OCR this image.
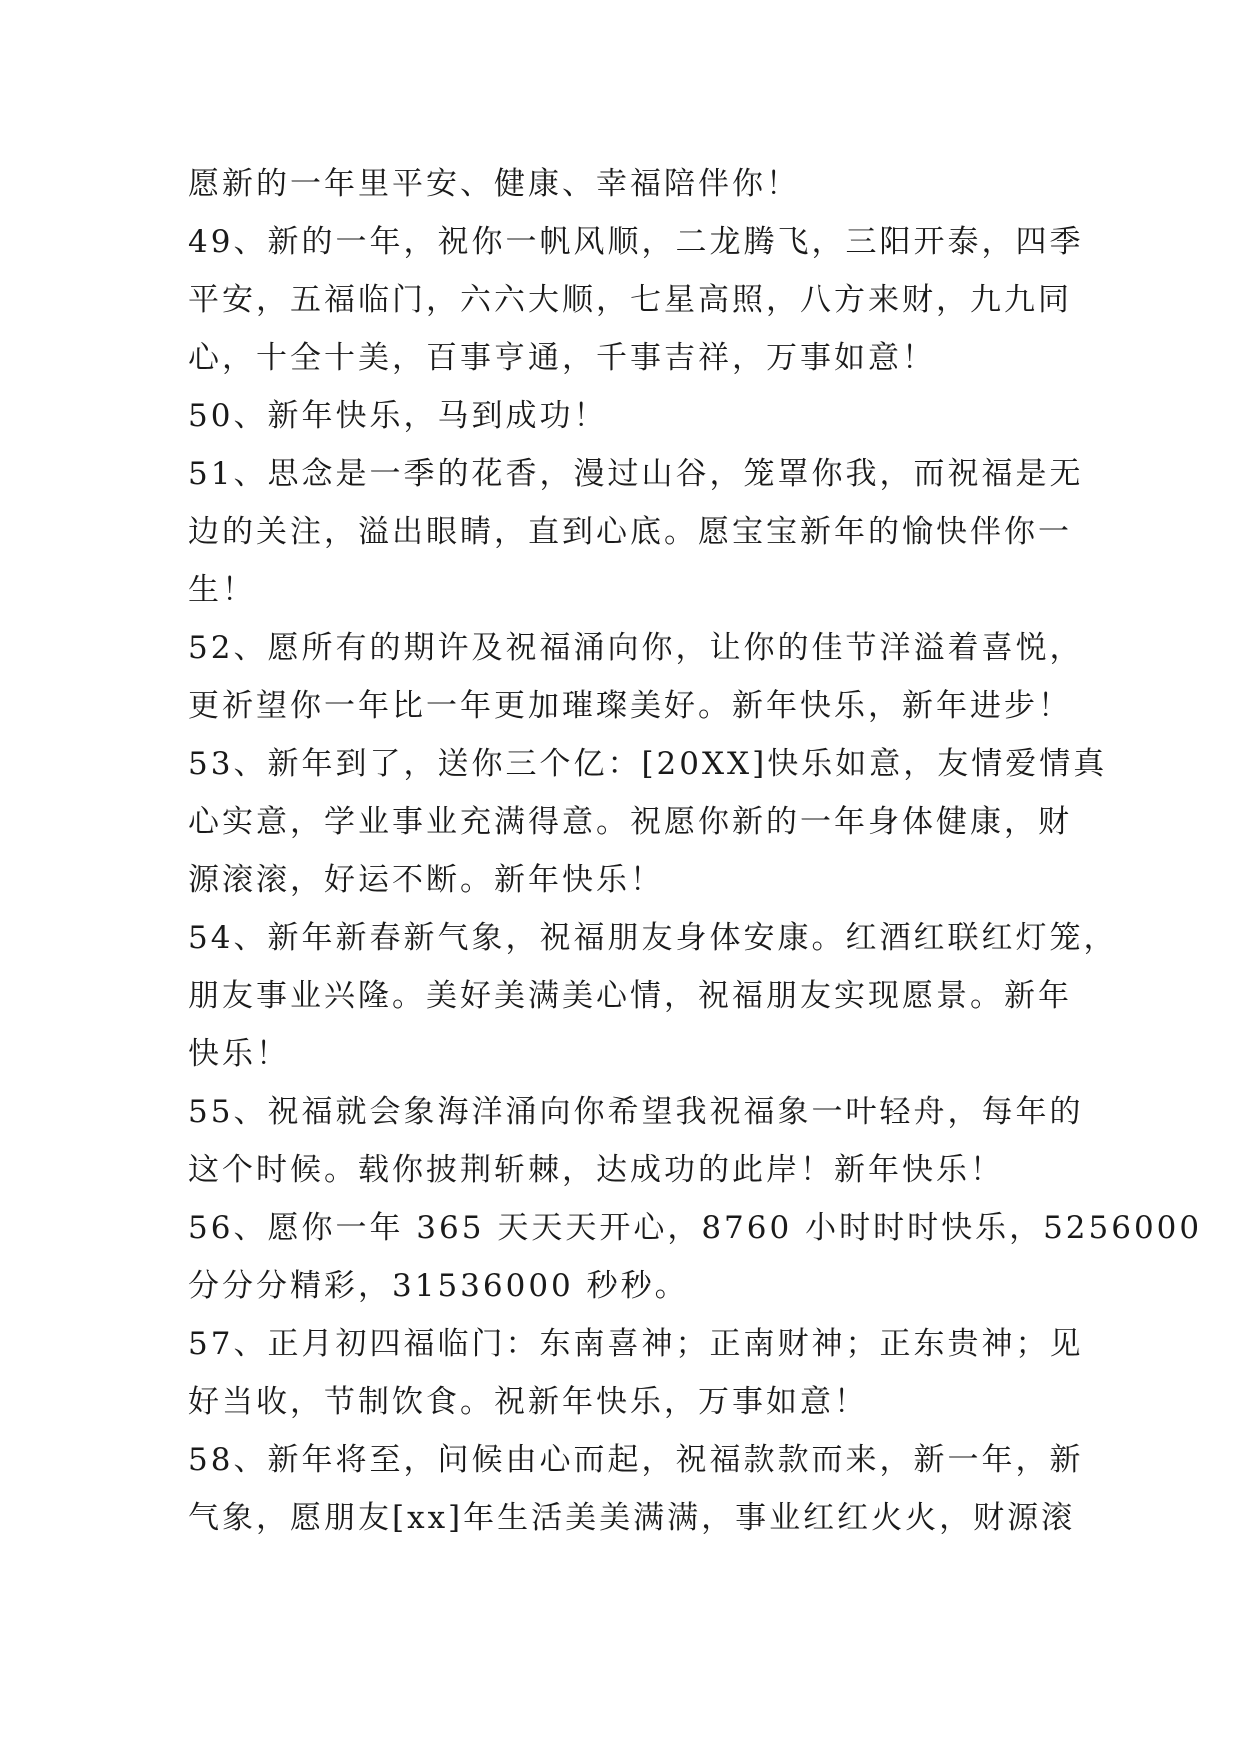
愿新的一年里平安、健康、幸福陪伴你！
49、新的一年，祝你一帆风顺，二龙腾飞，三阳开泰，四季
平安，五福临门，六六大顺，七星高照，八方来财，九九同
心，十全十美，百事亨通，千事吉祥，万事如意！
50、新年快乐，马到成功！
51、思念是一季的花香，漫过山谷，笼罩你我，而祝福是无
边的关注，溢出眼睛，直到心底。愿宝宝新年的愉快伴你一
生！
52、愿所有的期许及祝福涌向你，让你的佳节洋溢着喜悦，
更祈望你一年比一年更加璀璨美好。新年快乐，新年进步！
53、新年到了，送你三个亿：[20XX]快乐如意，友情爱情真
心实意，学业事业充满得意。祝愿你新的一年身体健康，财
源滚滚，好运不断。新年快乐！
54、新年新春新气象，祝福朋友身体安康。红酒红联红灯笼，
朋友事业兴隆。美好美满美心情，祝福朋友实现愿景。新年
快乐！
55、祝福就会象海洋涌向你希望我祝福象一叶轻舟，每年的
这个时候。载你披荆斩棘，达成功的此岸！新年快乐！
56、愿你一年 365 天天天开心，8760 小时时时快乐，5256000
分分分精彩，31536000 秒秒。
57、正月初四福临门：东南喜神；正南财神；正东贵神；见
好当收，节制饮食。祝新年快乐，万事如意！
58、新年将至，问候由心而起，祝福款款而来，新一年，新
气象，愿朋友[xx]年生活美美满满，事业红红火火，财源滚
